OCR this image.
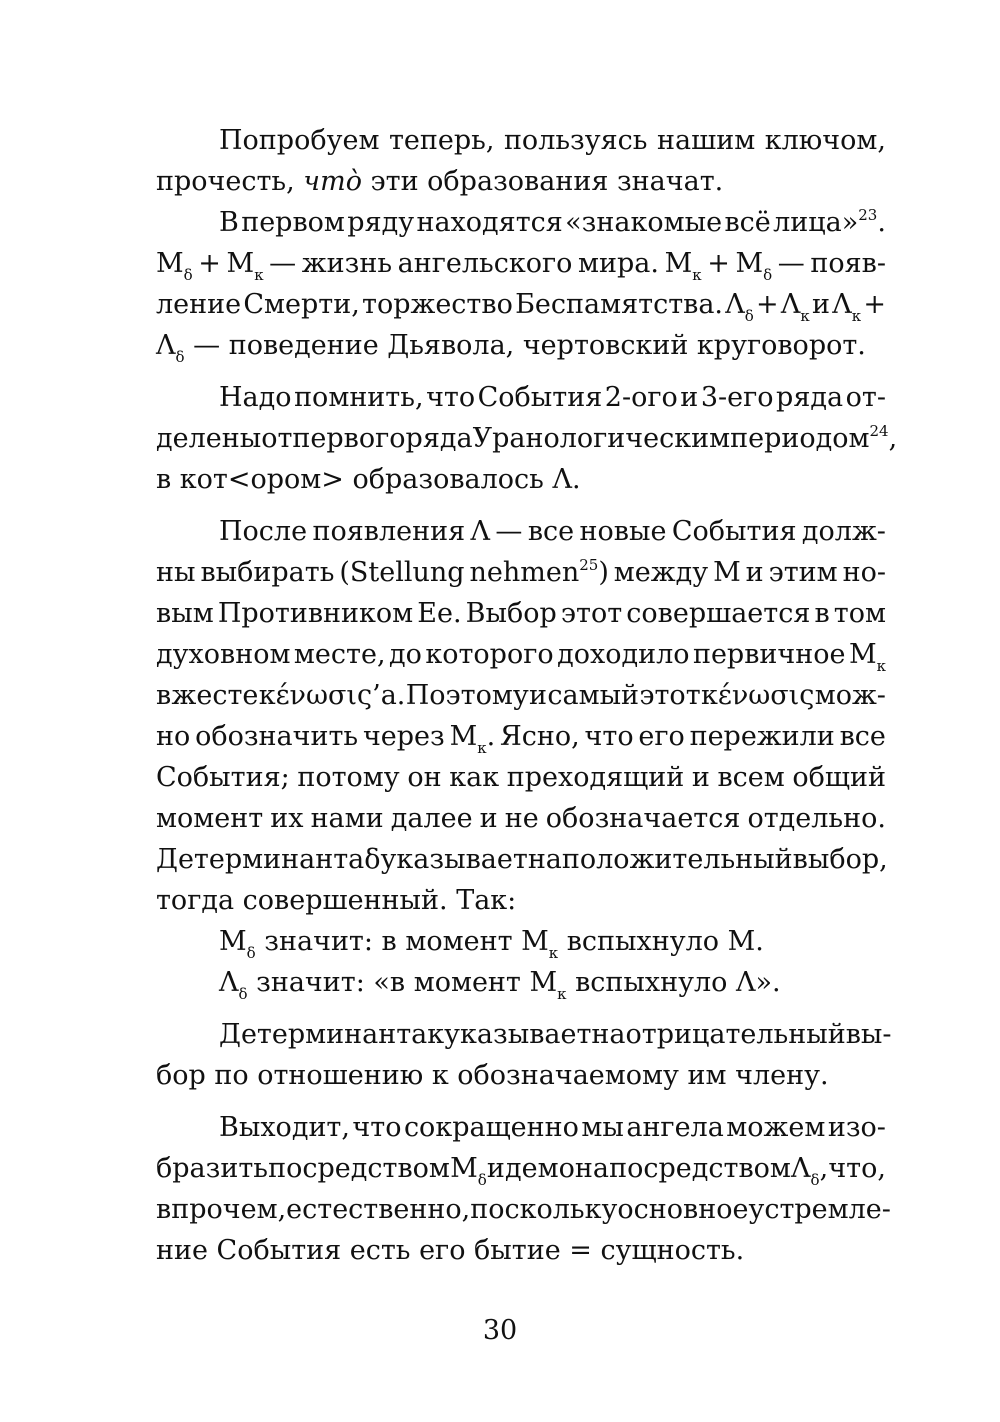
Попробуем теперь, пользуясь нашим ключом,
прочесть, что̀ эти образования значат.
В первом ряду находятся «знакомые всё лица»$^{23}$.
$M_\delta + M_\kappa$ — жизнь ангельского мира. $M_\kappa + M_\delta$ — появ-
ление Смерти, торжество Беспамятства. $\Lambda_\delta + \Lambda_\kappa$ и $\Lambda_\kappa$ +
$\Lambda_\delta$ — поведение Дьявола, чертовский круговорот.
Надо помнить, что События 2-ого и 3-его ряда от-
делены от первого ряда Уранологическим периодом$^{24}$,
в кот<ором> образовалось Λ.
После появления Λ — все новые События долж-
ны выбирать (Stellung nehmen$^{25}$) между M и этим но-
вым Противником Ее. Выбор этот совершается в том
духовном месте, до которого доходило первичное $M_\kappa$
в жесте κένωσις’а. Поэтому и самый этот κένωσις мож-
но обозначить через $M_\kappa$. Ясно, что его пережили все
События; потому он как преходящий и всем общий
момент их нами далее и не обозначается отдельно.
Детерминанта δ указывает на положительный выбор,
тогда совершенный. Так:
$M_\delta$ значит: в момент $M_\kappa$ вспыхнуло M.
$\Lambda_\delta$ значит: «в момент $M_\kappa$ вспыхнуло Λ».
Детерминанта к указывает на отрицательный вы-
бор по отношению к обозначаемому им члену.
Выходит, что сокращенно мы ангела можем изо-
бразить посредством $M_\delta$ и демона посредством $\Lambda_\delta$, что,
впрочем, естественно, поскольку основное устремле-
ние События есть его бытие = сущность.
30
